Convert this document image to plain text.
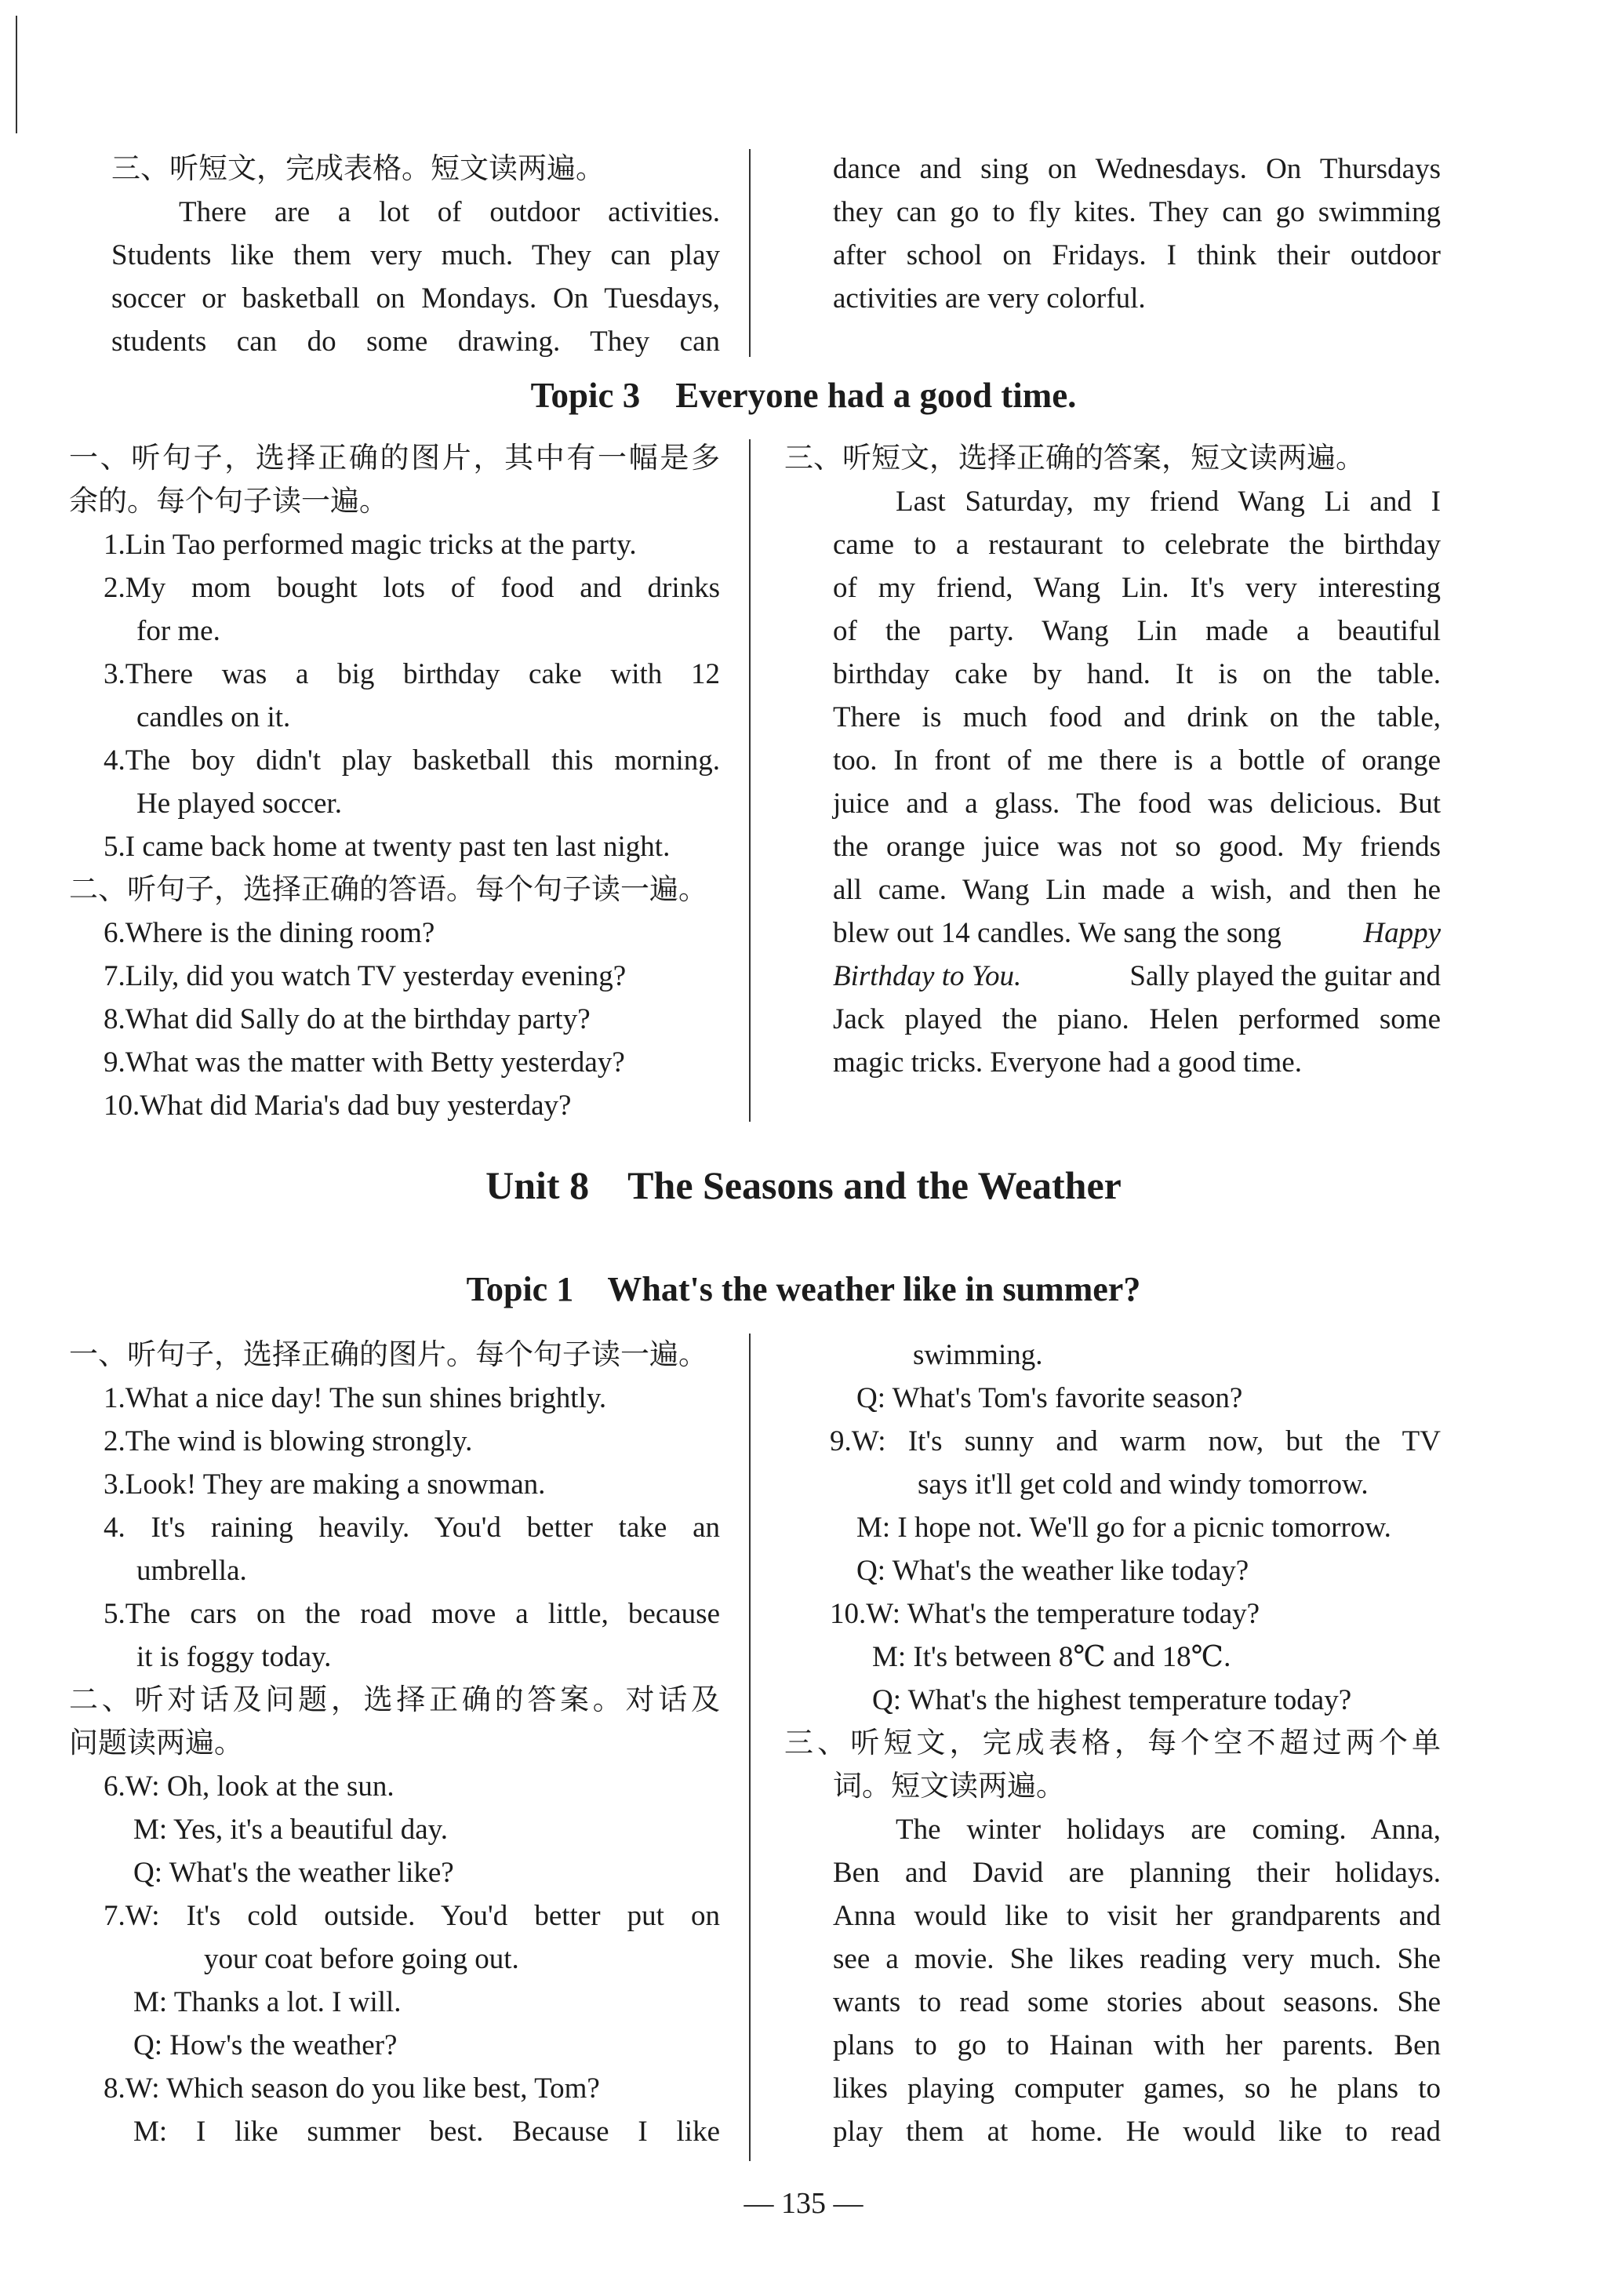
三、听短文，完成表格。短文读两遍。
There are a lot of outdoor activities.
Students like them very much. They can play
soccer or basketball on Mondays. On Tuesdays,
students can do some drawing. They can
dance and sing on Wednesdays. On Thursdays
they can go to fly kites. They can go swimming
after school on Fridays. I think their outdoor
activities are very colorful.
Topic 3    Everyone had a good time.
一、听句子，选择正确的图片，其中有一幅是多
余的。每个句子读一遍。
1.Lin Tao performed magic tricks at the party.
2.My mom bought lots of food and drinks
for me.
3.There was a big birthday cake with 12
candles on it.
4.The boy didn't play basketball this morning.
He played soccer.
5.I came back home at twenty past ten last night.
二、听句子，选择正确的答语。每个句子读一遍。
6.Where is the dining room?
7.Lily, did you watch TV yesterday evening?
8.What did Sally do at the birthday party?
9.What was the matter with Betty yesterday?
10.What did Maria's dad buy yesterday?
三、听短文，选择正确的答案，短文读两遍。
Last Saturday, my friend Wang Li and I
came to a restaurant to celebrate the birthday
of my friend, Wang Lin. It's very interesting
of the party. Wang Lin made a beautiful
birthday cake by hand. It is on the table.
There is much food and drink on the table,
too. In front of me there is a bottle of orange
juice and a glass. The food was delicious. But
the orange juice was not so good. My friends
all came. Wang Lin made a wish, and then he
blew out 14 candles. We sang the song	Happy
Birthday to You.	Sally played the guitar and
Jack played the piano. Helen performed some
magic tricks. Everyone had a good time.
Unit 8    The Seasons and the Weather
Topic 1    What's the weather like in summer?
一、听句子，选择正确的图片。每个句子读一遍。
1.What a nice day! The sun shines brightly.
2.The wind is blowing strongly.
3.Look! They are making a snowman.
4. It's raining heavily. You'd better take an
umbrella.
5.The cars on the road move a little, because
it is foggy today.
二、听对话及问题，选择正确的答案。对话及
问题读两遍。
6.W: Oh, look at the sun.
M: Yes, it's a beautiful day.
Q: What's the weather like?
7.W: It's cold outside. You'd better put on
your coat before going out.
M: Thanks a lot. I will.
Q: How's the weather?
8.W: Which season do you like best, Tom?
M: I like summer best. Because I like
swimming.
Q: What's Tom's favorite season?
9.W: It's sunny and warm now, but the TV
says it'll get cold and windy tomorrow.
M: I hope not. We'll go for a picnic tomorrow.
Q: What's the weather like today?
10.W: What's the temperature today?
M: It's between 8℃ and 18℃.
Q: What's the highest temperature today?
三、听短文，完成表格，每个空不超过两个单
词。短文读两遍。
The winter holidays are coming. Anna,
Ben and David are planning their holidays.
Anna would like to visit her grandparents and
see a movie. She likes reading very much. She
wants to read some stories about seasons. She
plans to go to Hainan with her parents. Ben
likes playing computer games, so he plans to
play them at home. He would like to read
— 135 —
